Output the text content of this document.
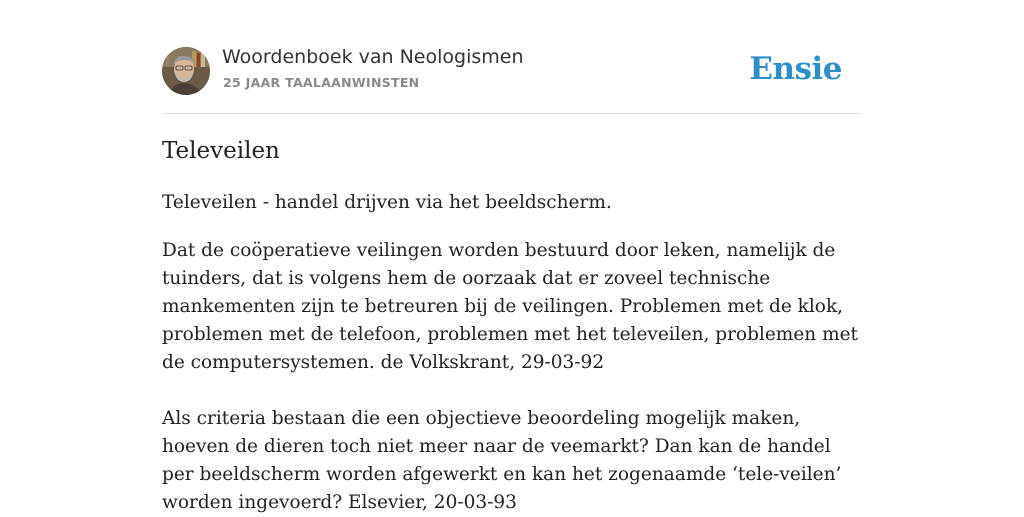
Woordenboek van Neologismen
25 JAAR TAALAANWINSTEN	Ensie
Televeilen
Televeilen - handel drijven via het beeldscherm.

Dat de coöperatieve veilingen worden bestuurd door leken, namelijk de tuinders, dat is volgens hem de oorzaak dat er zoveel technische mankementen zijn te betreuren bij de veilingen. Problemen met de klok, problemen met de telefoon, problemen met het televeilen, problemen met de computersystemen. de Volkskrant, 29-03-92

Als criteria bestaan die een objectieve beoordeling mogelijk maken, hoeven de dieren toch niet meer naar de veemarkt? Dan kan de handel per beeldscherm worden afgewerkt en kan het zogenaamde ‘tele-veilen’ worden ingevoerd? Elsevier, 20-03-93
